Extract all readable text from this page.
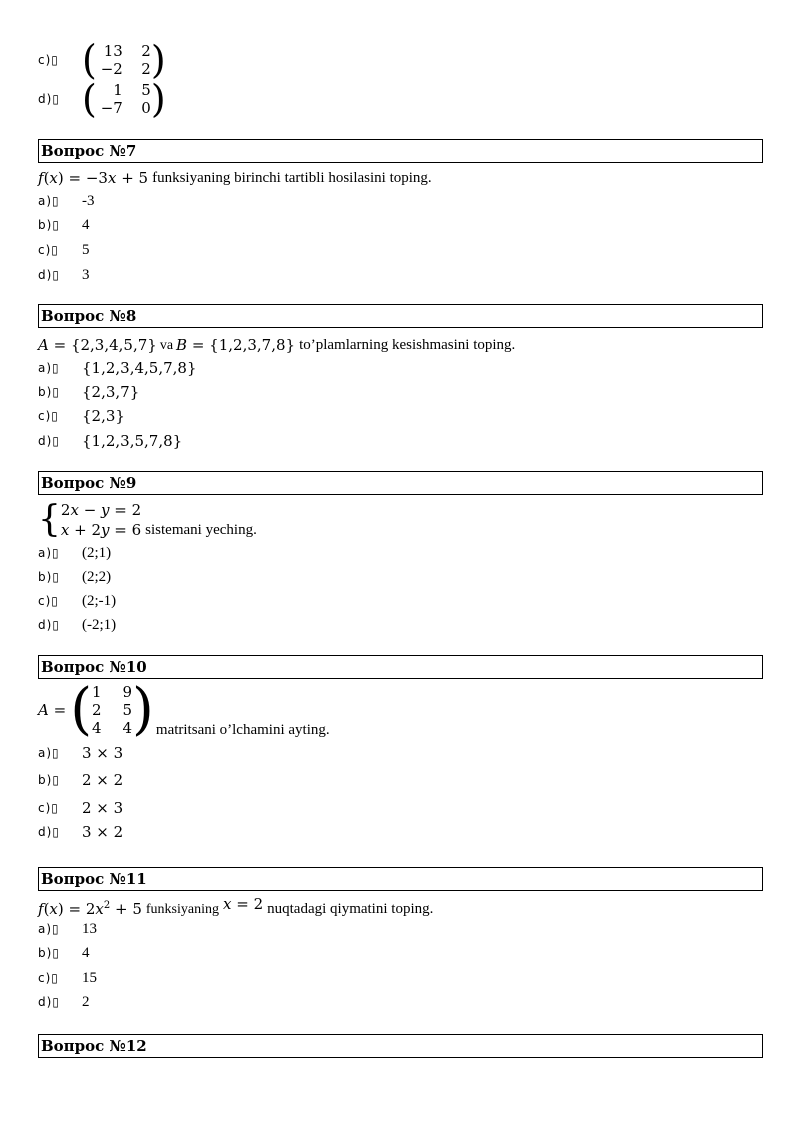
c)▯ ( 13	2
−2	2 )
d)▯ (	1	5
−7	0 )
Вопрос №7
f(x) = −3x + 5 funksiyaning birinchi tartibli hosilasini toping.
a)▯	-3
b)▯	4
c)▯	5
d)▯	3
Вопрос №8
A = {2,3,4,5,7} va B = {1,2,3,7,8} to’plamlarning kesishmasini toping.
a)▯	{1,2,3,4,5,7,8}
b)▯	{2,3,7}
c)▯	{2,3}
d)▯	{1,2,3,5,7,8}
Вопрос №9
{ 2x − y = 2
x + 2y = 6 sistemani yeching.
a)▯	(2;1)
b)▯	(2;2)
c)▯	(2;-1)
d)▯	(-2;1)
Вопрос №10
A = ( 1	9
2	5
4	4 ) matritsani o’lchamini ayting.
a)▯	3 × 3
b)▯	2 × 2
c)▯	2 × 3
d)▯	3 × 2
Вопрос №11
$f(x) = 2x^2 + 5$ funksiyaning x = 2 nuqtadagi qiymatini toping.
a)▯	13
b)▯	4
c)▯	15
d)▯	2
Вопрос №12
